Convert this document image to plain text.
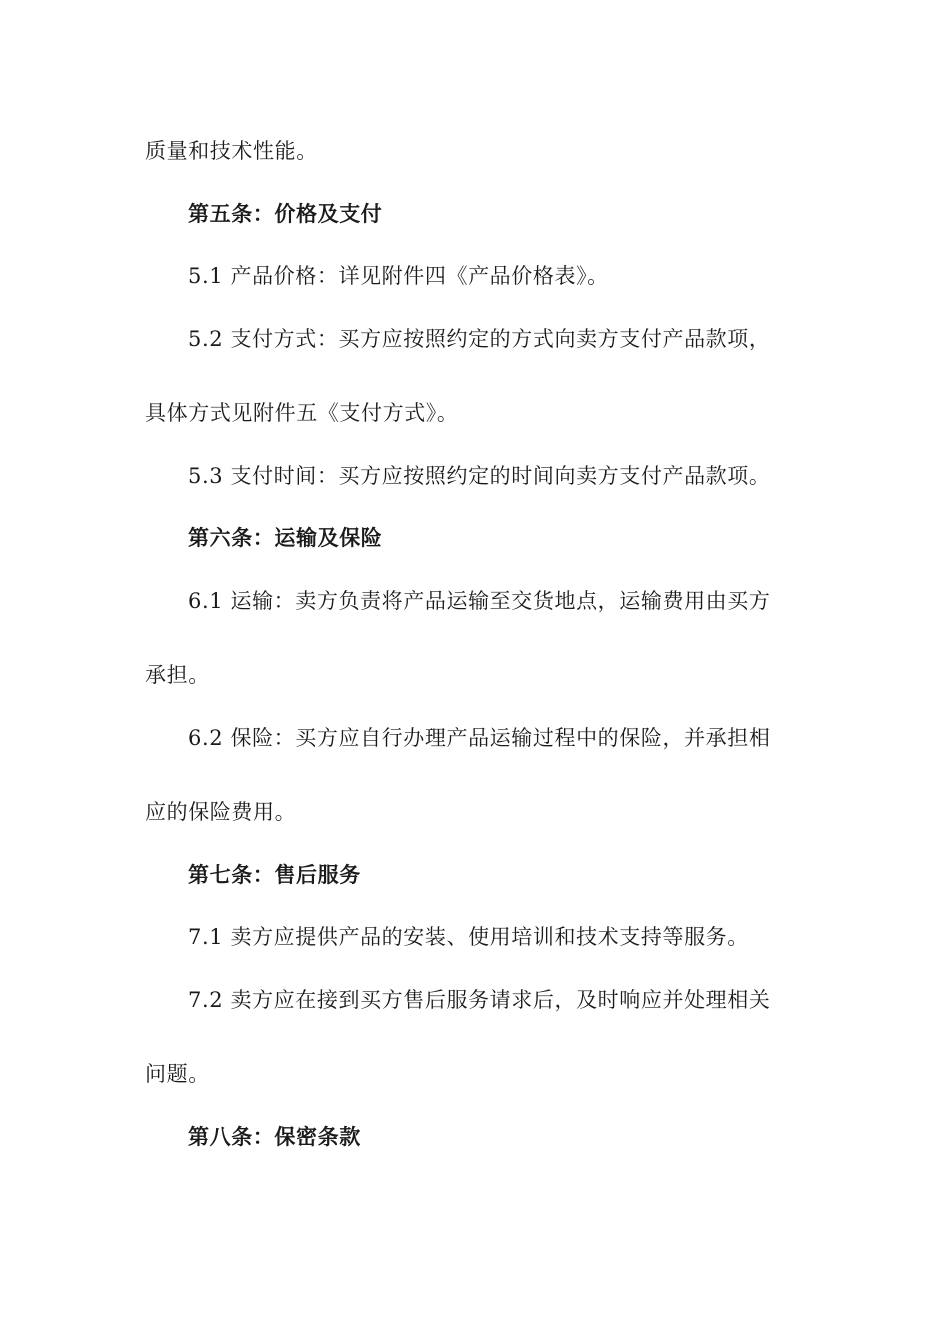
质量和技术性能。
第五条：价格及支付
5.1 产品价格：详见附件四《产品价格表》。
5.2 支付方式：买方应按照约定的方式向卖方支付产品款项，
具体方式见附件五《支付方式》。
5.3 支付时间：买方应按照约定的时间向卖方支付产品款项。
第六条：运输及保险
6.1 运输：卖方负责将产品运输至交货地点，运输费用由买方
承担。
6.2 保险：买方应自行办理产品运输过程中的保险，并承担相
应的保险费用。
第七条：售后服务
7.1 卖方应提供产品的安装、使用培训和技术支持等服务。
7.2 卖方应在接到买方售后服务请求后，及时响应并处理相关
问题。
第八条：保密条款
